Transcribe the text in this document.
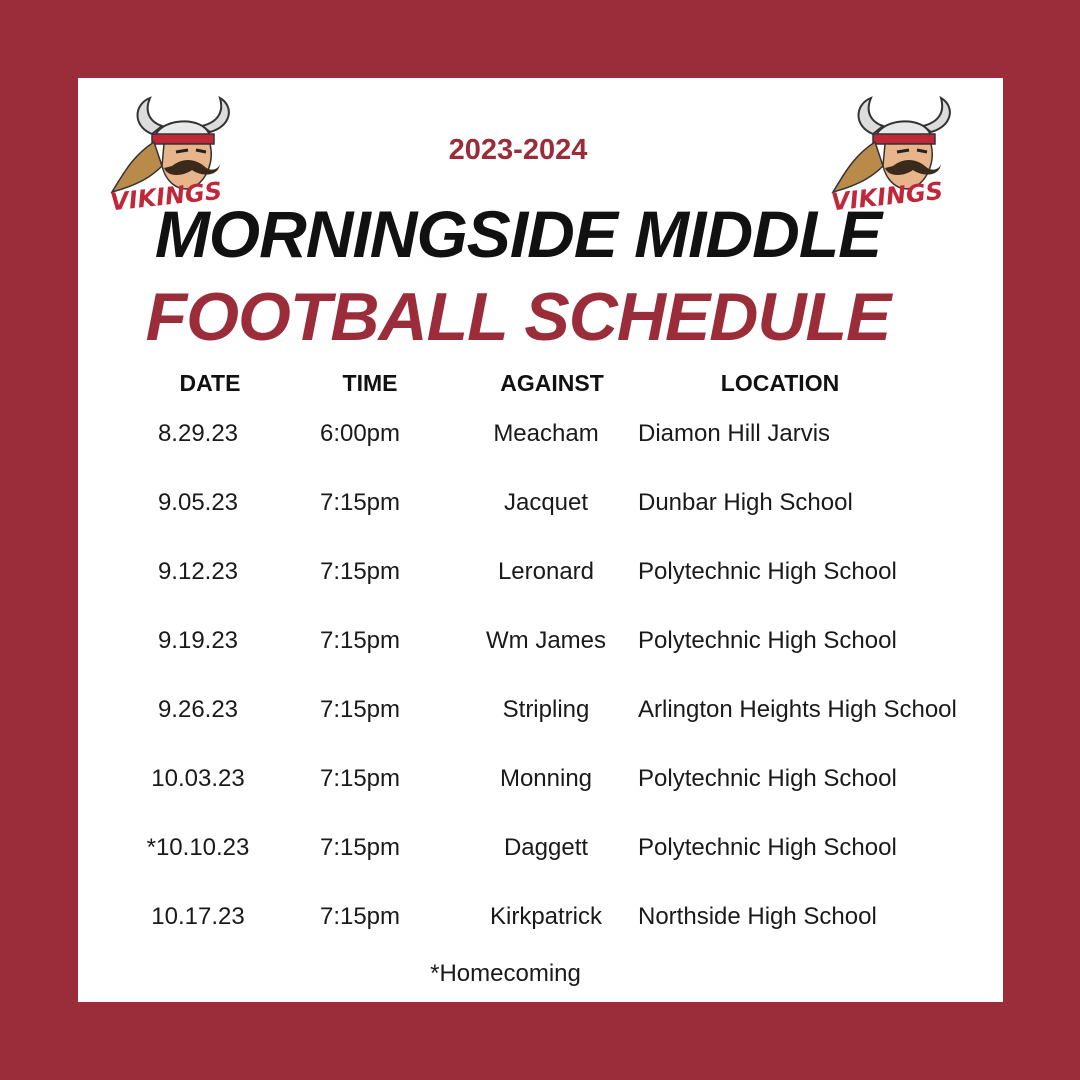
VIKINGS	VIKINGS
2023-2024
MORNINGSIDE MIDDLE
FOOTBALL SCHEDULE
DATE	TIME	AGAINST	LOCATION
8.29.23	6:00pm	Meacham	Diamon Hill Jarvis
9.05.23	7:15pm	Jacquet	Dunbar High School
9.12.23	7:15pm	Leronard	Polytechnic High School
9.19.23	7:15pm	Wm James	Polytechnic High School
9.26.23	7:15pm	Stripling	Arlington Heights High School
10.03.23	7:15pm	Monning	Polytechnic High School
*10.10.23	7:15pm	Daggett	Polytechnic High School
10.17.23	7:15pm	Kirkpatrick	Northside High School
*Homecoming
